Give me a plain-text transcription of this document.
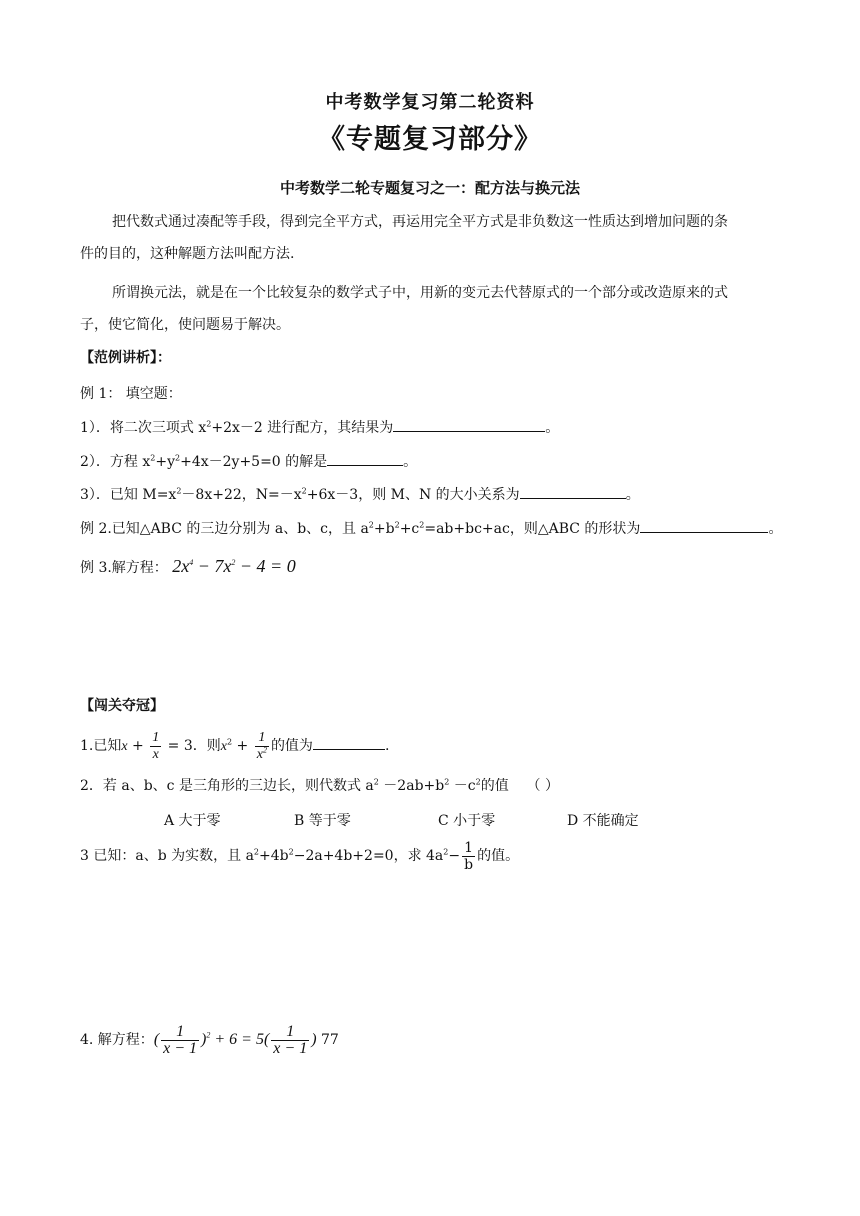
中考数学复习第二轮资料
《专题复习部分》
中考数学二轮专题复习之一：配方法与换元法
把代数式通过凑配等手段，得到完全平方式，再运用完全平方式是非负数这一性质达到增加问题的条
件的目的，这种解题方法叫配方法.
所谓换元法，就是在一个比较复杂的数学式子中，用新的变元去代替原式的一个部分或改造原来的式
子，使它简化，使问题易于解决。
【范例讲析】：
例 1： 填空题：
1）．将二次三项式 $x^2+2x-2$ 进行配方，其结果为	。
2）．方程 $x^2+y^2+4x-2y+5=0$ 的解是	。
3）．已知 $M=x^2-8x+22$，$N=-x^2+6x-3$，则 M、N 的大小关系为	。
例 2.已知△ABC 的三边分别为 a、b、c，且 $a^2+b^2+c^2=ab+bc+ac$，则△ABC 的形状为	。
例 3.解方程： $2x^4 - 7x^2 - 4 = 0$
【闯关夺冠】
1.已知$x + \frac{1}{x} = 3$．则$x^2 + \frac{1}{x^2}$ 的值为	.
2．若 a、b、c 是三角形的三边长，则代数式 $a^2 -2ab+b^2 -c^2$的值 （ ）
A 大于零	B 等于零	C 小于零	D 不能确定
3 已知：a、b 为实数，且 $a^2+4b^2-2a+4b+2=0$，求 $4a^2- \frac{1}{b}$ 的值。
4. 解方程：( $\frac{1}{x - 1} )^2 + 6 = 5( \frac{1}{x - 1}$ ) 77
